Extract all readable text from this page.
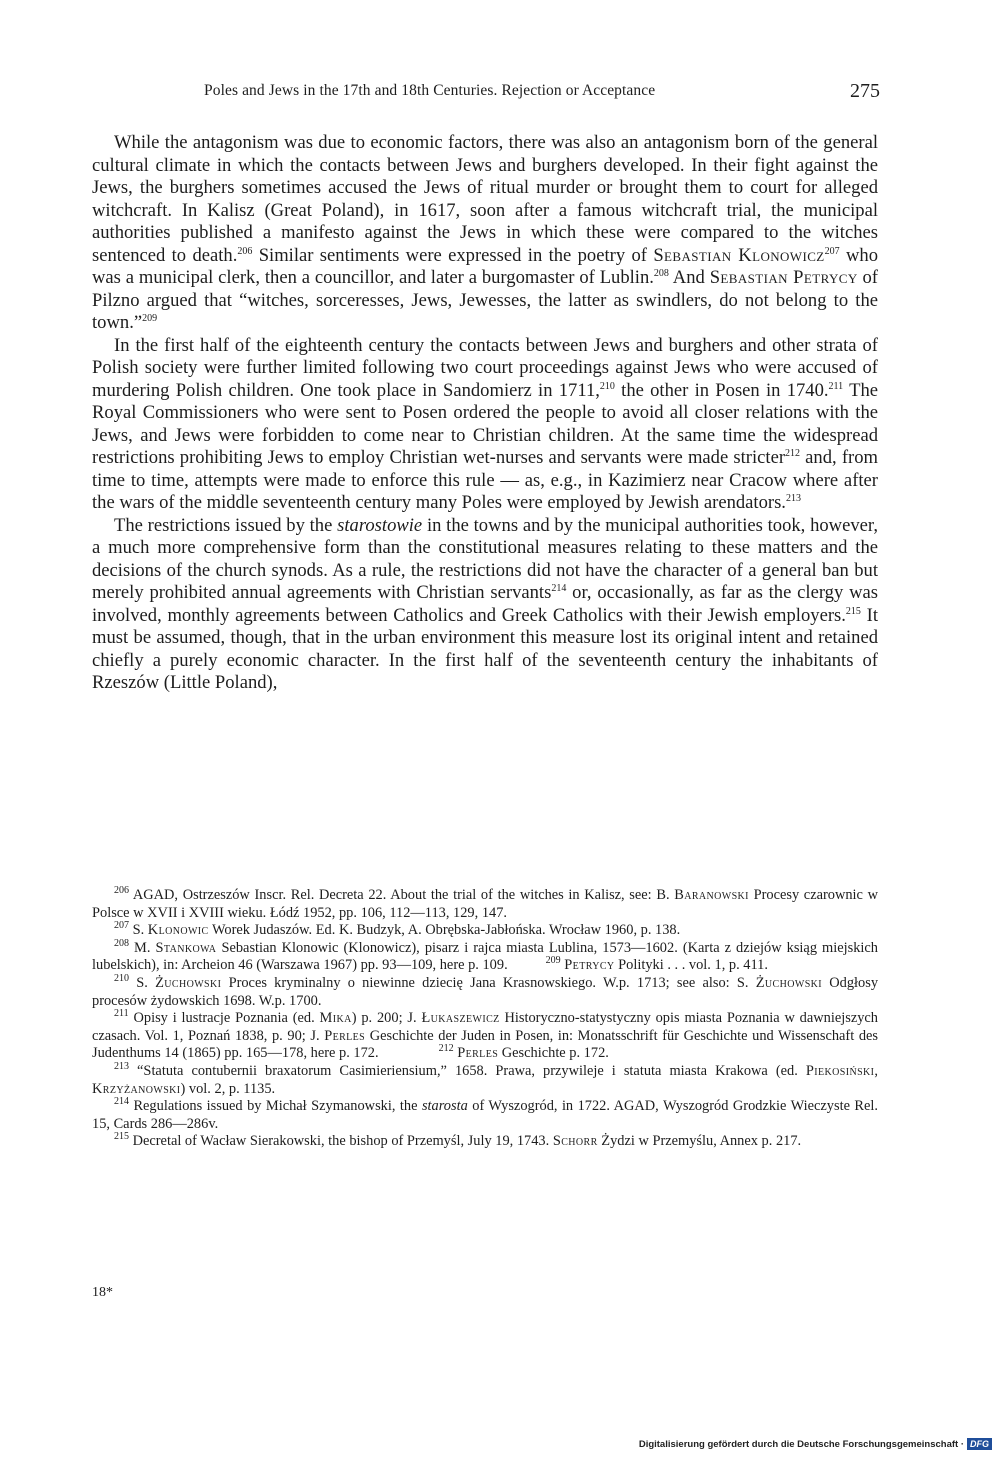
Poles and Jews in the 17th and 18th Centuries. Rejection or Acceptance	275

While the antagonism was due to economic factors, there was also an antagonism born of the general cultural climate in which the contacts between Jews and burghers developed. In their fight against the Jews, the burghers sometimes accused the Jews of ritual murder or brought them to court for alleged witchcraft. In Kalisz (Great Poland), in 1617, soon after a famous witchcraft trial, the municipal authorities published a manifesto against the Jews in which these were compared to the witches sentenced to death.$^{206}$ Similar sentiments were expressed in the poetry of Sebastian Klonowicz$^{207}$ who was a municipal clerk, then a councillor, and later a burgomaster of Lublin.$^{208}$ And Sebastian Petrycy of Pilzno argued that “witches, sorceresses, Jews, Jewesses, the latter as swindlers, do not belong to the town.”$^{209}$

In the first half of the eighteenth century the contacts between Jews and burghers and other strata of Polish society were further limited following two court proceedings against Jews who were accused of murdering Polish children. One took place in Sandomierz in 1711,$^{210}$ the other in Posen in 1740.$^{211}$ The Royal Commissioners who were sent to Posen ordered the people to avoid all closer relations with the Jews, and Jews were forbidden to come near to Christian children. At the same time the widespread restrictions prohibiting Jews to employ Christian wet-nurses and servants were made stricter$^{212}$ and, from time to time, attempts were made to enforce this rule — as, e.g., in Kazimierz near Cracow where after the wars of the middle seventeenth century many Poles were employed by Jewish arendators.$^{213}$

The restrictions issued by the starostowie in the towns and by the municipal authorities took, however, a much more comprehensive form than the constitutional measures relating to these matters and the decisions of the church synods. As a rule, the restrictions did not have the character of a general ban but merely prohibited annual agreements with Christian servants$^{214}$ or, occasionally, as far as the clergy was involved, monthly agreements between Catholics and Greek Catholics with their Jewish employers.$^{215}$ It must be assumed, though, that in the urban environment this measure lost its original intent and retained chiefly a purely economic character. In the first half of the seventeenth century the inhabitants of Rzeszów (Little Poland),

$^{206}$ AGAD, Ostrzeszów Inscr. Rel. Decreta 22. About the trial of the witches in Kalisz, see: B. Baranowski Procesy czarownic w Polsce w XVII i XVIII wieku. Łódź 1952, pp. 106, 112—113, 129, 147.

$^{207}$ S. Klonowic Worek Judaszów. Ed. K. Budzyk, A. Obrębska-Jabłońska. Wrocław 1960, p. 138.

$^{208}$ M. Stankowa Sebastian Klonowic (Klonowicz), pisarz i rajca miasta Lublina, 1573—1602. (Karta z dziejów ksiąg miejskich lubelskich), in: Archeion 46 (Warszawa 1967) pp. 93—109, here p. 109.	$^{209}$ Petrycy Polityki . . . vol. 1, p. 411.

$^{210}$ S. Żuchowski Proces kryminalny o niewinne dziecię Jana Krasnowskiego. W.p. 1713; see also: S. Żuchowski Odgłosy procesów żydowskich 1698. W.p. 1700.

$^{211}$ Opisy i lustracje Poznania (ed. Mika) p. 200; J. Łukaszewicz Historyczno-statystyczny opis miasta Poznania w dawniejszych czasach. Vol. 1, Poznań 1838, p. 90; J. Perles Geschichte der Juden in Posen, in: Monatsschrift für Geschichte und Wissenschaft des Judenthums 14 (1865) pp. 165—178, here p. 172.	$^{212}$ Perles Geschichte p. 172.

$^{213}$ “Statuta contubernii braxatorum Casimieriensium,” 1658. Prawa, przywileje i statuta miasta Krakowa (ed. Piekosiński, Krzyżanowski) vol. 2, p. 1135.

$^{214}$ Regulations issued by Michał Szymanowski, the starosta of Wyszogród, in 1722. AGAD, Wyszogród Grodzkie Wieczyste Rel. 15, Cards 286—286v.

$^{215}$ Decretal of Wacław Sierakowski, the bishop of Przemyśl, July 19, 1743. Schorr Żydzi w Przemyślu, Annex p. 217.

18*
Digitalisierung gefördert durch die Deutsche Forschungsgemeinschaft · DFG
